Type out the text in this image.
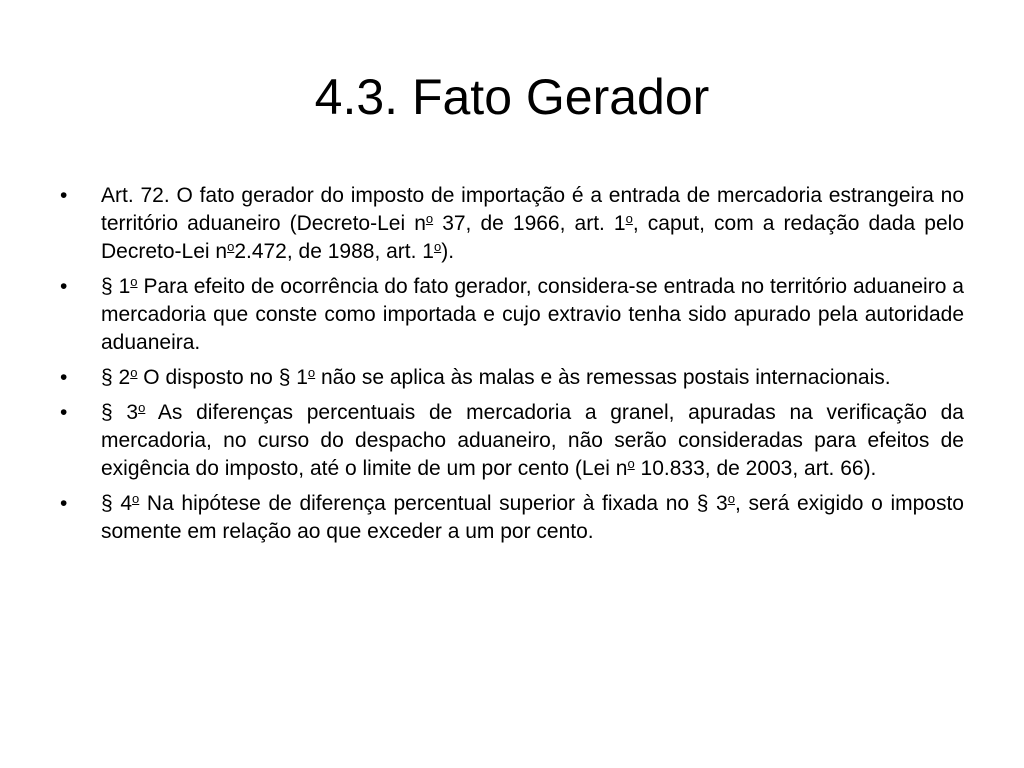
4.3. Fato Gerador
•	Art. 72. O fato gerador do imposto de importação é a entrada de mercadoria estrangeira no território aduaneiro (Decreto-Lei $n^o$ 37, de 1966, art. 1$^o$, caput, com a redação dada pelo Decreto-Lei $n^o2.472$, de 1988, art. 1$^o$).
•	§ 1$^o$ Para efeito de ocorrência do fato gerador, considera-se entrada no território aduaneiro a mercadoria que conste como importada e cujo extravio tenha sido apurado pela autoridade aduaneira.
•	§ 2$^o$ O disposto no § 1$^o$ não se aplica às malas e às remessas postais internacionais.
•	§ 3$^o$ As diferenças percentuais de mercadoria a granel, apuradas na verificação da mercadoria, no curso do despacho aduaneiro, não serão consideradas para efeitos de exigência do imposto, até o limite de um por cento (Lei $n^o$ 10.833, de 2003, art. 66).
•	§ 4$^o$ Na hipótese de diferença percentual superior à fixada no § 3$^o$, será exigido o imposto somente em relação ao que exceder a um por cento.
